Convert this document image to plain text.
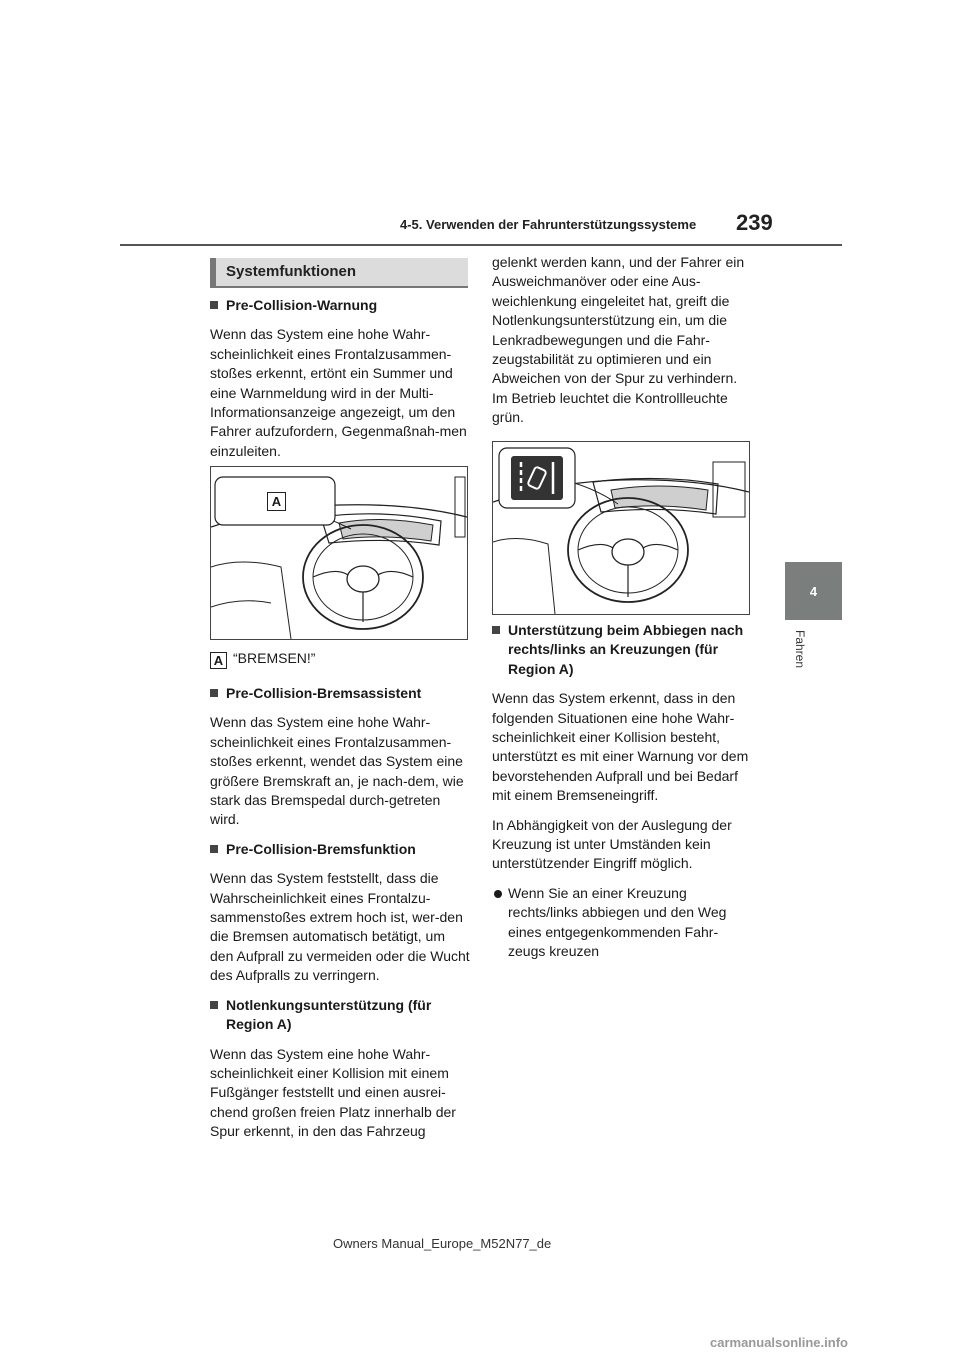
4-5. Verwenden der Fahrunterstützungssysteme 239
4
Fahren
Systemfunktionen

Pre-Collision-Warnung

Wenn das System eine hohe Wahr-scheinlichkeit eines Frontalzusammen-stoßes erkennt, ertönt ein Summer und eine Warnmeldung wird in der Multi-Informationsanzeige angezeigt, um den Fahrer aufzufordern, Gegenmaßnah-men einzuleiten.

A
A “BREMSEN!”

Pre-Collision-Bremsassistent

Wenn das System eine hohe Wahr-scheinlichkeit eines Frontalzusammen-stoßes erkennt, wendet das System eine größere Bremskraft an, je nach-dem, wie stark das Bremspedal durch-getreten wird.

Pre-Collision-Bremsfunktion

Wenn das System feststellt, dass die Wahrscheinlichkeit eines Frontalzu-sammenstoßes extrem hoch ist, wer-den die Bremsen automatisch betätigt, um den Aufprall zu vermeiden oder die Wucht des Aufpralls zu verringern.

Notlenkungsunterstützung (für Region A)

Wenn das System eine hohe Wahr-scheinlichkeit einer Kollision mit einem Fußgänger feststellt und einen ausrei-chend großen freien Platz innerhalb der Spur erkennt, in den das Fahrzeug

gelenkt werden kann, und der Fahrer ein Ausweichmanöver oder eine Aus-weichlenkung eingeleitet hat, greift die Notlenkungsunterstützung ein, um die Lenkradbewegungen und die Fahr-zeugstabilität zu optimieren und ein Abweichen von der Spur zu verhindern. Im Betrieb leuchtet die Kontrollleuchte grün.

Unterstützung beim Abbiegen nach rechts/links an Kreuzungen (für Region A)

Wenn das System erkennt, dass in den folgenden Situationen eine hohe Wahr-scheinlichkeit einer Kollision besteht, unterstützt es mit einer Warnung vor dem bevorstehenden Aufprall und bei Bedarf mit einem Bremseneingriff.

In Abhängigkeit von der Auslegung der Kreuzung ist unter Umständen kein unterstützender Eingriff möglich.

Wenn Sie an einer Kreuzung rechts/links abbiegen und den Weg eines entgegenkommenden Fahr-zeugs kreuzen

Owners Manual_Europe_M52N77_de
carmanualsonline.info
